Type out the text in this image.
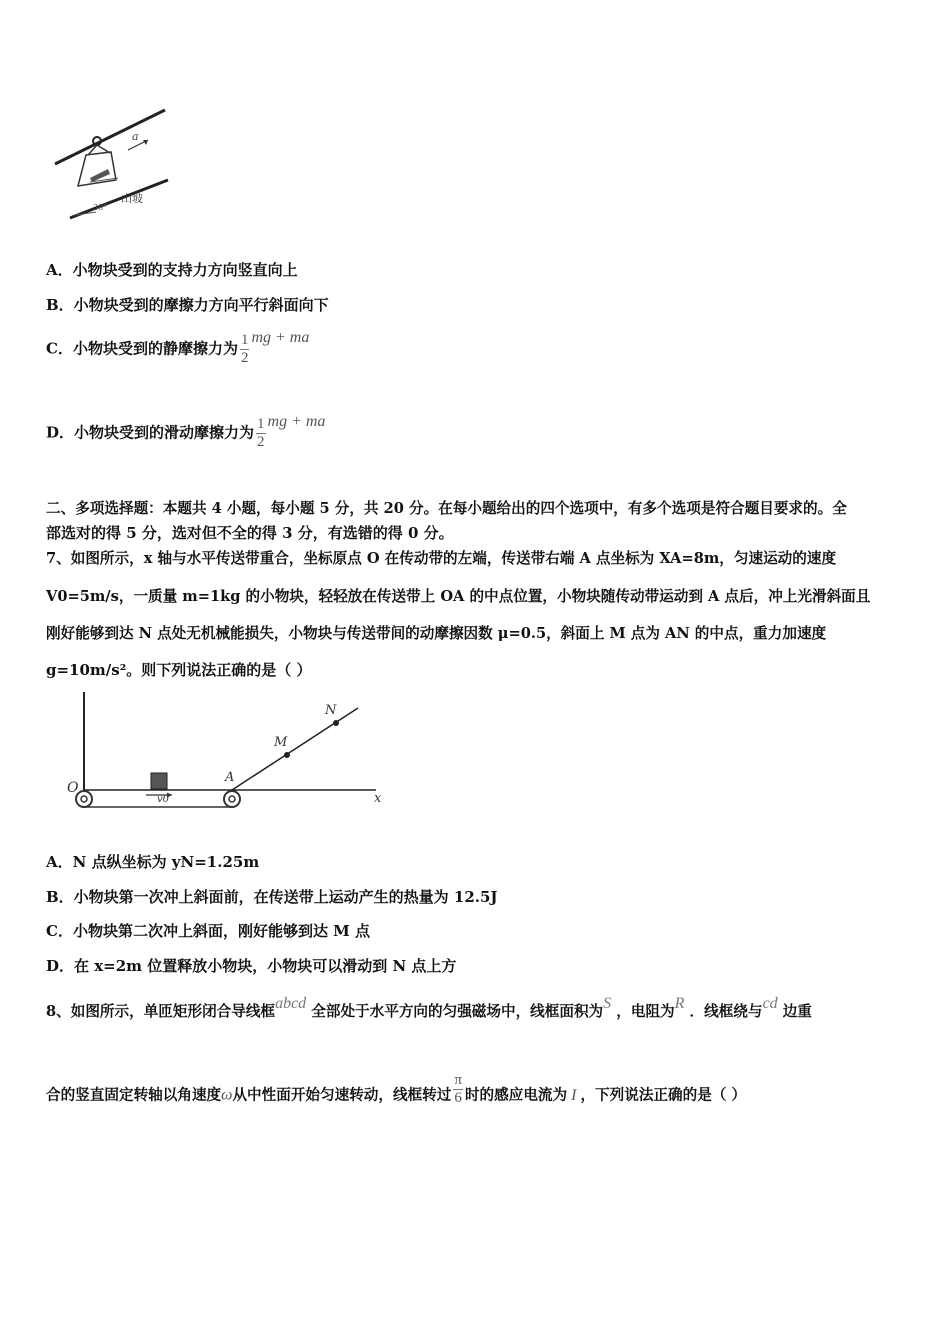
a
山坡
30°
A．小物块受到的支持力方向竖直向上
B．小物块受到的摩擦力方向平行斜面向下
C．小物块受到的静摩擦力为 $\frac{1}{2}$ mg + ma
D．小物块受到的滑动摩擦力为 $\frac{1}{2}$ mg + ma
二、多项选择题：本题共 4 小题，每小题 5 分，共 20 分。在每小题给出的四个选项中，有多个选项是符合题目要求的。全
部选对的得 5 分，选对但不全的得 3 分，有选错的得 0 分。
7、如图所示，x 轴与水平传送带重合，坐标原点 O 在传动带的左端，传送带右端 A 点坐标为 XA=8m，匀速运动的速度
V0=5m/s，一质量 m=1kg 的小物块，轻轻放在传送带上 OA 的中点位置，小物块随传动带运动到 A 点后，冲上光滑斜面且
刚好能够到达 N 点处无机械能损失，小物块与传送带间的动摩擦因数 μ=0.5，斜面上 M 点为 AN 的中点，重力加速度
g=10m/s²。则下列说法正确的是（ ）
O
A
M
N
x
v0
A．N 点纵坐标为 yN=1.25m
B．小物块第一次冲上斜面前，在传送带上运动产生的热量为 12.5J
C．小物块第二次冲上斜面，刚好能够到达 M 点
D．在 x=2m 位置释放小物块，小物块可以滑动到 N 点上方
8、如图所示，单匝矩形闭合导线框abcd 全部处于水平方向的匀强磁场中，线框面积为S ，电阻为R ．线框绕与cd 边重
合的竖直固定转轴以角速度ω从中性面开始匀速转动，线框转过 $\frac{\pi}{6}$ 时的感应电流为 I ，下列说法正确的是（ ）
